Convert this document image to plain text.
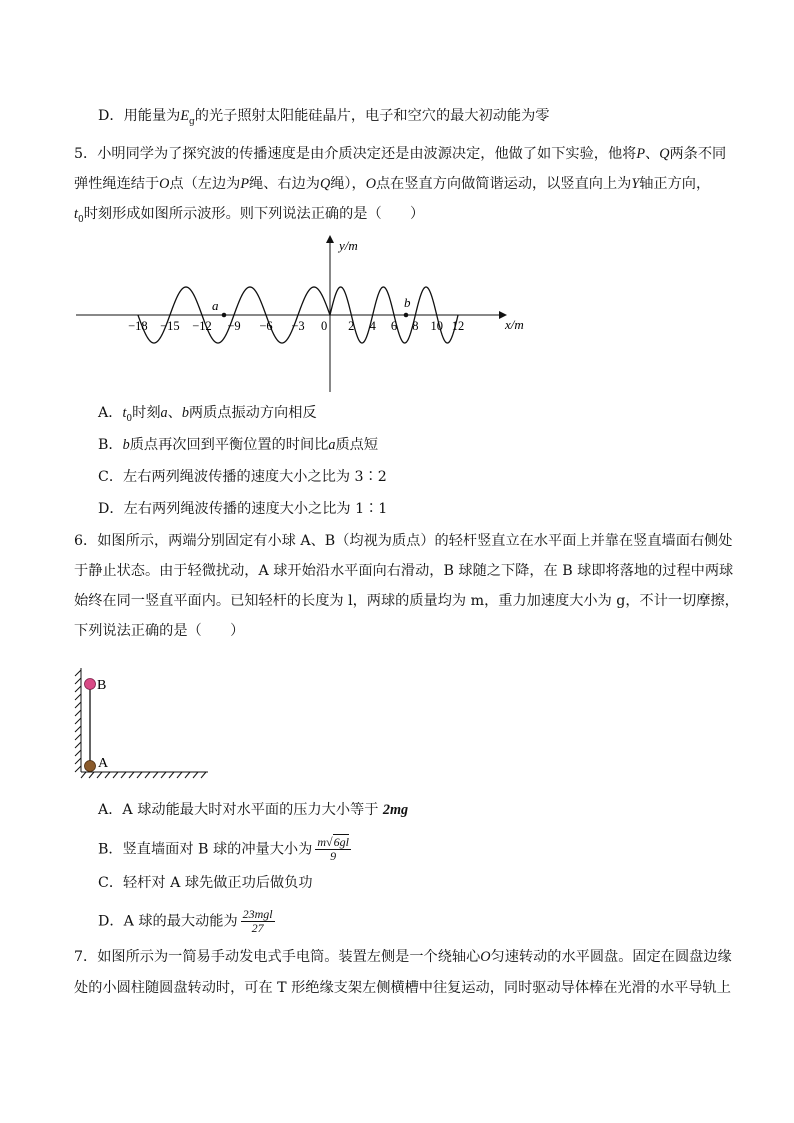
D．用能量为$E_g$的光子照射太阳能硅晶片，电子和空穴的最大初动能为零
5．小明同学为了探究波的传播速度是由介质决定还是由波源决定，他做了如下实验，他将P、Q两条不同
弹性绳连结于O点（左边为P绳、右边为Q绳），O点在竖直方向做简谐运动，以竖直向上为Y轴正方向，
$t_0$时刻形成如图所示波形。则下列说法正确的是（　　）
a	b
y/m
x/m
−18 −15 −12 −9 −6 −3 0 2 4 6 8 10 12
A．$t_0$时刻a、b两质点振动方向相反
B．b质点再次回到平衡位置的时间比a质点短
C．左右两列绳波传播的速度大小之比为 3∶2
D．左右两列绳波传播的速度大小之比为 1∶1
6．如图所示，两端分别固定有小球 A、B（均视为质点）的轻杆竖直立在水平面上并靠在竖直墙面右侧处
于静止状态。由于轻微扰动，A 球开始沿水平面向右滑动，B 球随之下降，在 B 球即将落地的过程中两球
始终在同一竖直平面内。已知轻杆的长度为 l，两球的质量均为 m，重力加速度大小为 g，不计一切摩擦，
下列说法正确的是（　　）
B
A
A．A 球动能最大时对水平面的压力大小等于 2mg
B．竖直墙面对 B 球的冲量大小为 $\frac{m√6gl}{9}$
C．轻杆对 A 球先做正功后做负功
D．A 球的最大动能为 $\frac{\text{23mgl}}{27}$
7．如图所示为一简易手动发电式手电筒。装置左侧是一个绕轴心O匀速转动的水平圆盘。固定在圆盘边缘
处的小圆柱随圆盘转动时，可在 T 形绝缘支架左侧横槽中往复运动，同时驱动导体棒在光滑的水平导轨上
